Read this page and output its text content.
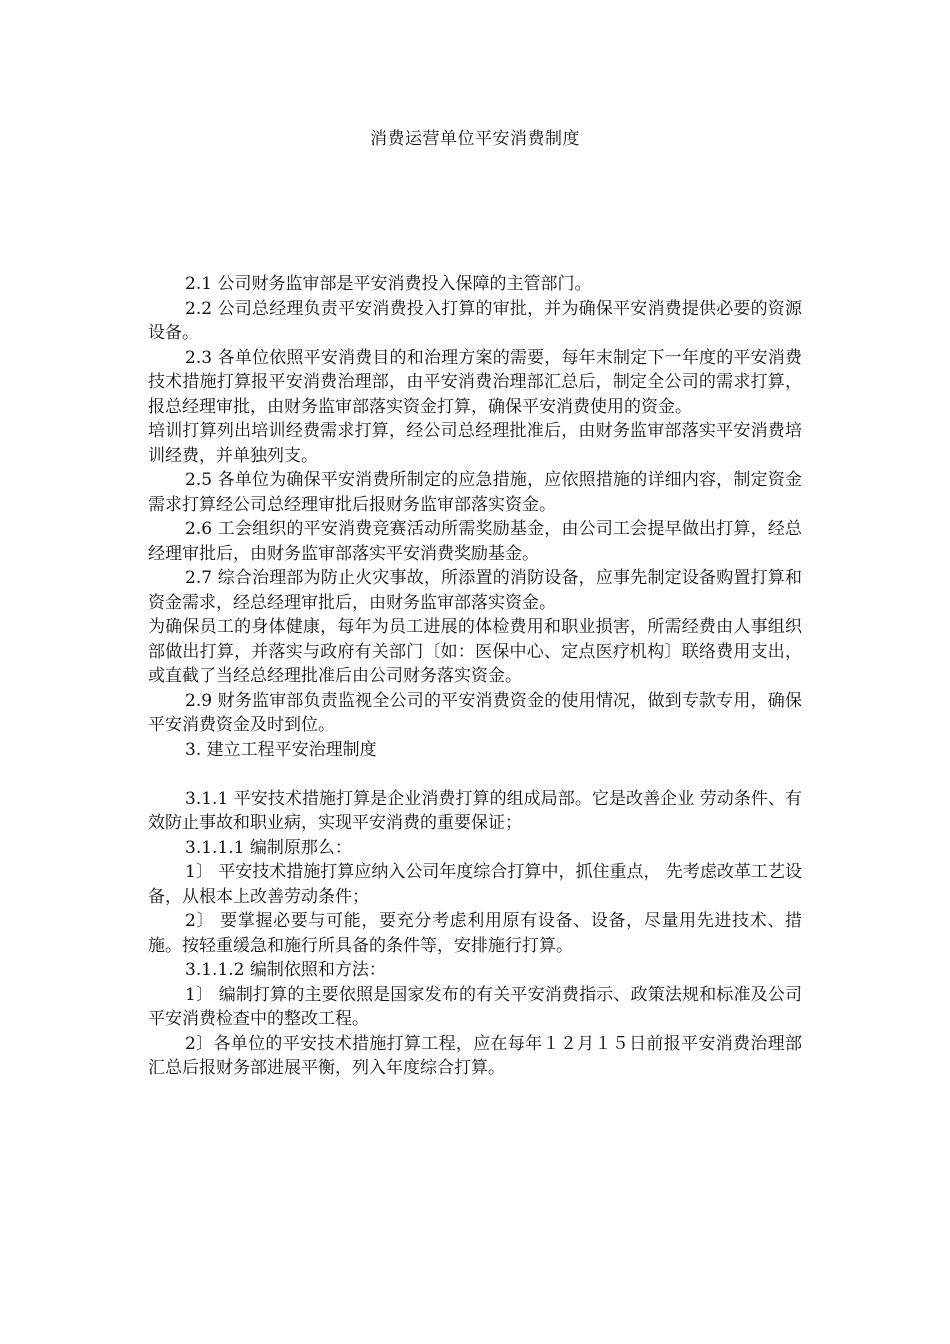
消费运营单位平安消费制度

2.1 公司财务监审部是平安消费投入保障的主管部门。

2.2 公司总经理负责平安消费投入打算的审批，并为确保平安消费提供必要的资源设备。

2.3 各单位依照平安消费目的和治理方案的需要，每年末制定下一年度的平安消费技术措施打算报平安消费治理部，由平安消费治理部汇总后，制定全公司的需求打算，报总经理审批，由财务监审部落实资金打算，确保平安消费使用的资金。

培训打算列出培训经费需求打算，经公司总经理批准后，由财务监审部落实平安消费培训经费，并单独列支。

2.5 各单位为确保平安消费所制定的应急措施，应依照措施的详细内容，制定资金需求打算经公司总经理审批后报财务监审部落实资金。

2.6 工会组织的平安消费竞赛活动所需奖励基金，由公司工会提早做出打算，经总经理审批后，由财务监审部落实平安消费奖励基金。

2.7 综合治理部为防止火灾事故，所添置的消防设备，应事先制定设备购置打算和资金需求，经总经理审批后，由财务监审部落实资金。

为确保员工的身体健康，每年为员工进展的体检费用和职业损害，所需经费由人事组织部做出打算，并落实与政府有关部门〔如：医保中心、定点医疗机构〕联络费用支出，或直截了当经总经理批准后由公司财务落实资金。

2.9 财务监审部负责监视全公司的平安消费资金的使用情况，做到专款专用，确保平安消费资金及时到位。

3. 建立工程平安治理制度

3.1.1 平安技术措施打算是企业消费打算的组成局部。它是改善企业 劳动条件、有效防止事故和职业病，实现平安消费的重要保证；

3.1.1.1 编制原那么：

1〕 平安技术措施打算应纳入公司年度综合打算中，抓住重点， 先考虑改革工艺设备，从根本上改善劳动条件；

2〕 要掌握必要与可能，要充分考虑利用原有设备、设备，尽量用先进技术、措施。按轻重缓急和施行所具备的条件等，安排施行打算。

3.1.1.2 编制依照和方法：

1〕 编制打算的主要依照是国家发布的有关平安消费指示、政策法规和标准及公司平安消费检查中的整改工程。

2〕各单位的平安技术措施打算工程，应在每年１２月１５日前报平安消费治理部汇总后报财务部进展平衡，列入年度综合打算。
